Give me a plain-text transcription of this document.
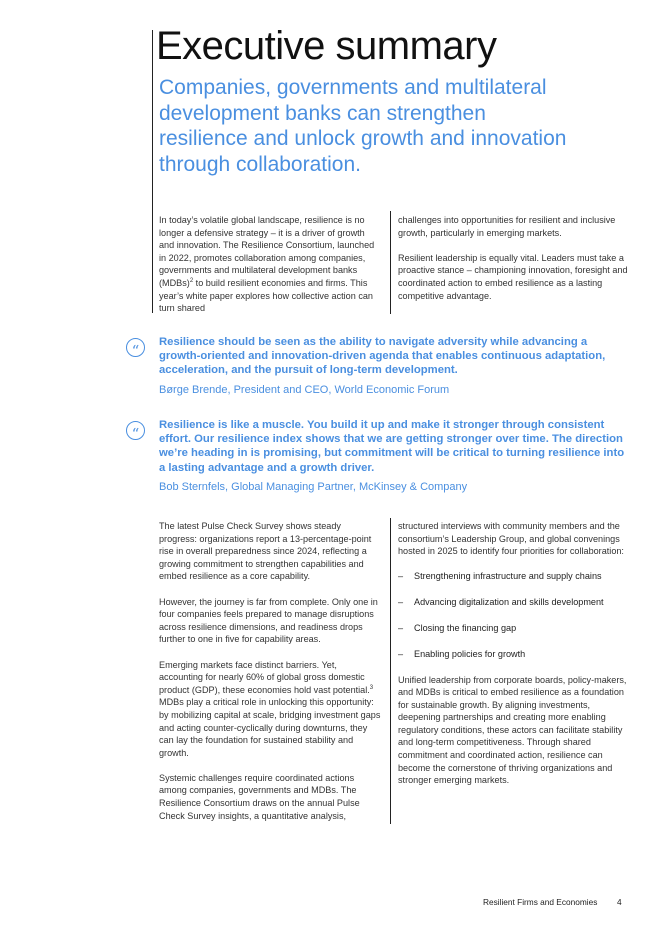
Executive summary

Companies, governments and multilateral development banks can strengthen resilience and unlock growth and innovation through collaboration.

In today’s volatile global landscape, resilience is no longer a defensive strategy – it is a driver of growth and innovation. The Resilience Consortium, launched in 2022, promotes collaboration among companies, governments and multilateral development banks (MDBs)$^2$ to build resilient economies and firms. This year’s white paper explores how collective action can turn shared

challenges into opportunities for resilient and inclusive growth, particularly in emerging markets.

Resilient leadership is equally vital. Leaders must take a proactive stance – championing innovation, foresight and coordinated action to embed resilience as a lasting competitive advantage.

“	Resilience should be seen as the ability to navigate adversity while advancing a growth-oriented and innovation-driven agenda that enables continuous adaptation, acceleration, and the pursuit of long-term development.

Børge Brende, President and CEO, World Economic Forum

“	Resilience is like a muscle. You build it up and make it stronger through consistent effort. Our resilience index shows that we are getting stronger over time. The direction we’re heading in is promising, but commitment will be critical to turning resilience into a lasting advantage and a growth driver.

Bob Sternfels, Global Managing Partner, McKinsey & Company

The latest Pulse Check Survey shows steady progress: organizations report a 13-percentage-point rise in overall preparedness since 2024, reflecting a growing commitment to strengthen capabilities and embed resilience as a core capability.

However, the journey is far from complete. Only one in four companies feels prepared to manage disruptions across resilience dimensions, and readiness drops further to one in five for capability areas.

Emerging markets face distinct barriers. Yet, accounting for nearly 60% of global gross domestic product (GDP), these economies hold vast potential.$^3$ MDBs play a critical role in unlocking this opportunity: by mobilizing capital at scale, bridging investment gaps and acting counter-cyclically during downturns, they can lay the foundation for sustained stability and growth.

Systemic challenges require coordinated actions among companies, governments and MDBs. The Resilience Consortium draws on the annual Pulse Check Survey insights, a quantitative analysis,

structured interviews with community members and the consortium’s Leadership Group, and global convenings hosted in 2025 to identify four priorities for collaboration:

– Strengthening infrastructure and supply chains
– Advancing digitalization and skills development
– Closing the financing gap
– Enabling policies for growth

Unified leadership from corporate boards, policy-makers, and MDBs is critical to embed resilience as a foundation for sustainable growth. By aligning investments, deepening partnerships and creating more enabling regulatory conditions, these actors can facilitate stability and long-term competitiveness. Through shared commitment and coordinated action, resilience can become the cornerstone of thriving organizations and stronger emerging markets.

Resilient Firms and Economies 4
